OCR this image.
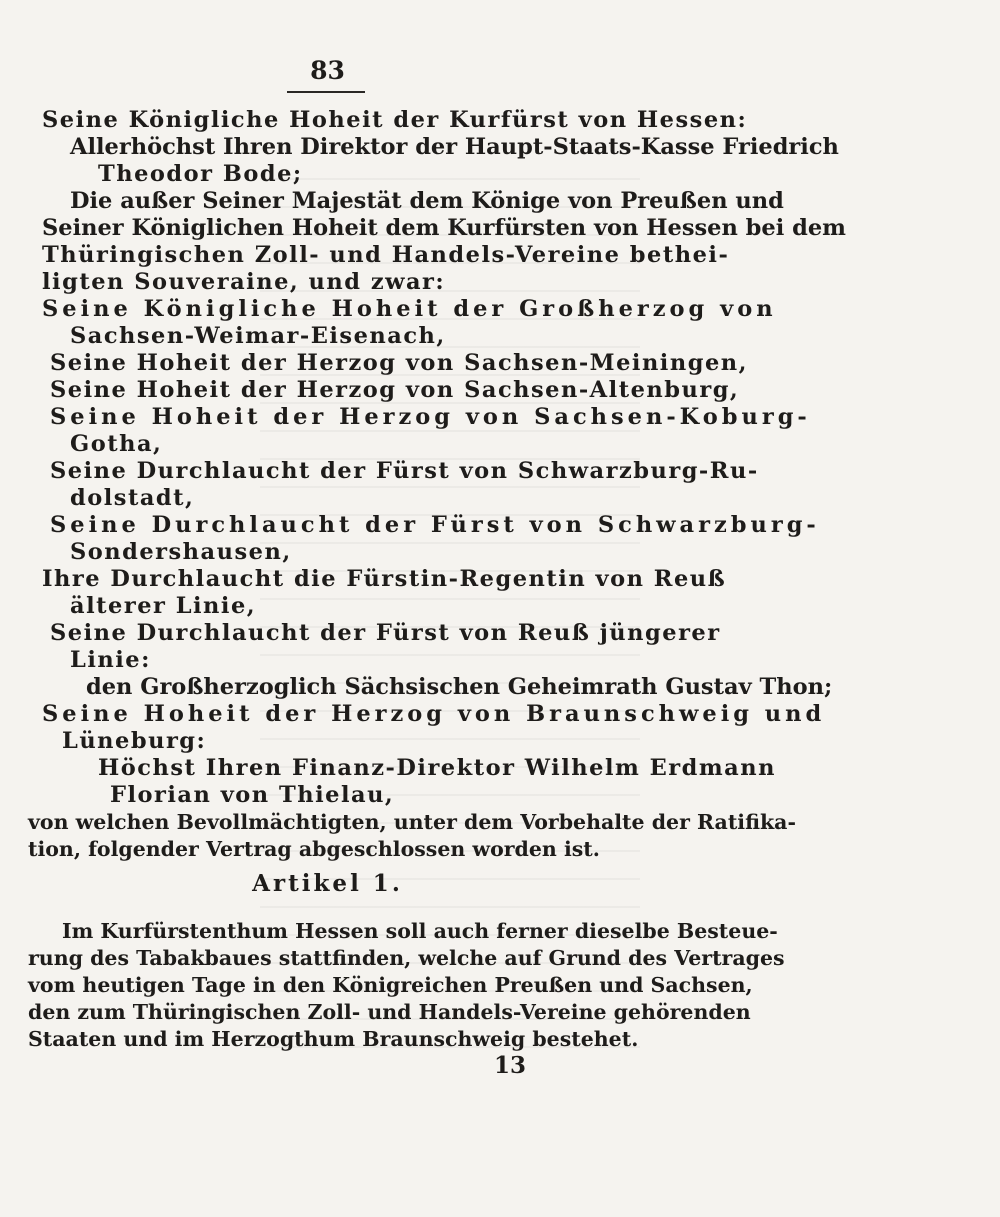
83
Seine Königliche Hoheit der Kurfürst von Hessen:
Allerhöchst Ihren Direktor der Haupt-Staats-Kasse Friedrich
Theodor Bode;
Die außer Seiner Majestät dem Könige von Preußen und
Seiner Königlichen Hoheit dem Kurfürsten von Hessen bei dem
Thüringischen Zoll- und Handels-Vereine bethei-
ligten Souveraine, und zwar:
Seine Königliche Hoheit der Großherzog von
Sachsen-Weimar-Eisenach,
Seine Hoheit der Herzog von Sachsen-Meiningen,
Seine Hoheit der Herzog von Sachsen-Altenburg,
Seine Hoheit der Herzog von Sachsen-Koburg-
Gotha,
Seine Durchlaucht der Fürst von Schwarzburg-Ru-
dolstadt,
Seine Durchlaucht der Fürst von Schwarzburg-
Sondershausen,
Ihre Durchlaucht die Fürstin-Regentin von Reuß
älterer Linie,
Seine Durchlaucht der Fürst von Reuß jüngerer
Linie:
den Großherzoglich Sächsischen Geheimrath Gustav Thon;
Seine Hoheit der Herzog von Braunschweig und
Lüneburg:
Höchst Ihren Finanz-Direktor Wilhelm Erdmann
Florian von Thielau,
von welchen Bevollmächtigten, unter dem Vorbehalte der Ratifika-
tion, folgender Vertrag abgeschlossen worden ist.
Artikel 1.
Im Kurfürstenthum Hessen soll auch ferner dieselbe Besteue-
rung des Tabakbaues stattfinden, welche auf Grund des Vertrages
vom heutigen Tage in den Königreichen Preußen und Sachsen,
den zum Thüringischen Zoll- und Handels-Vereine gehörenden
Staaten und im Herzogthum Braunschweig bestehet.
13
